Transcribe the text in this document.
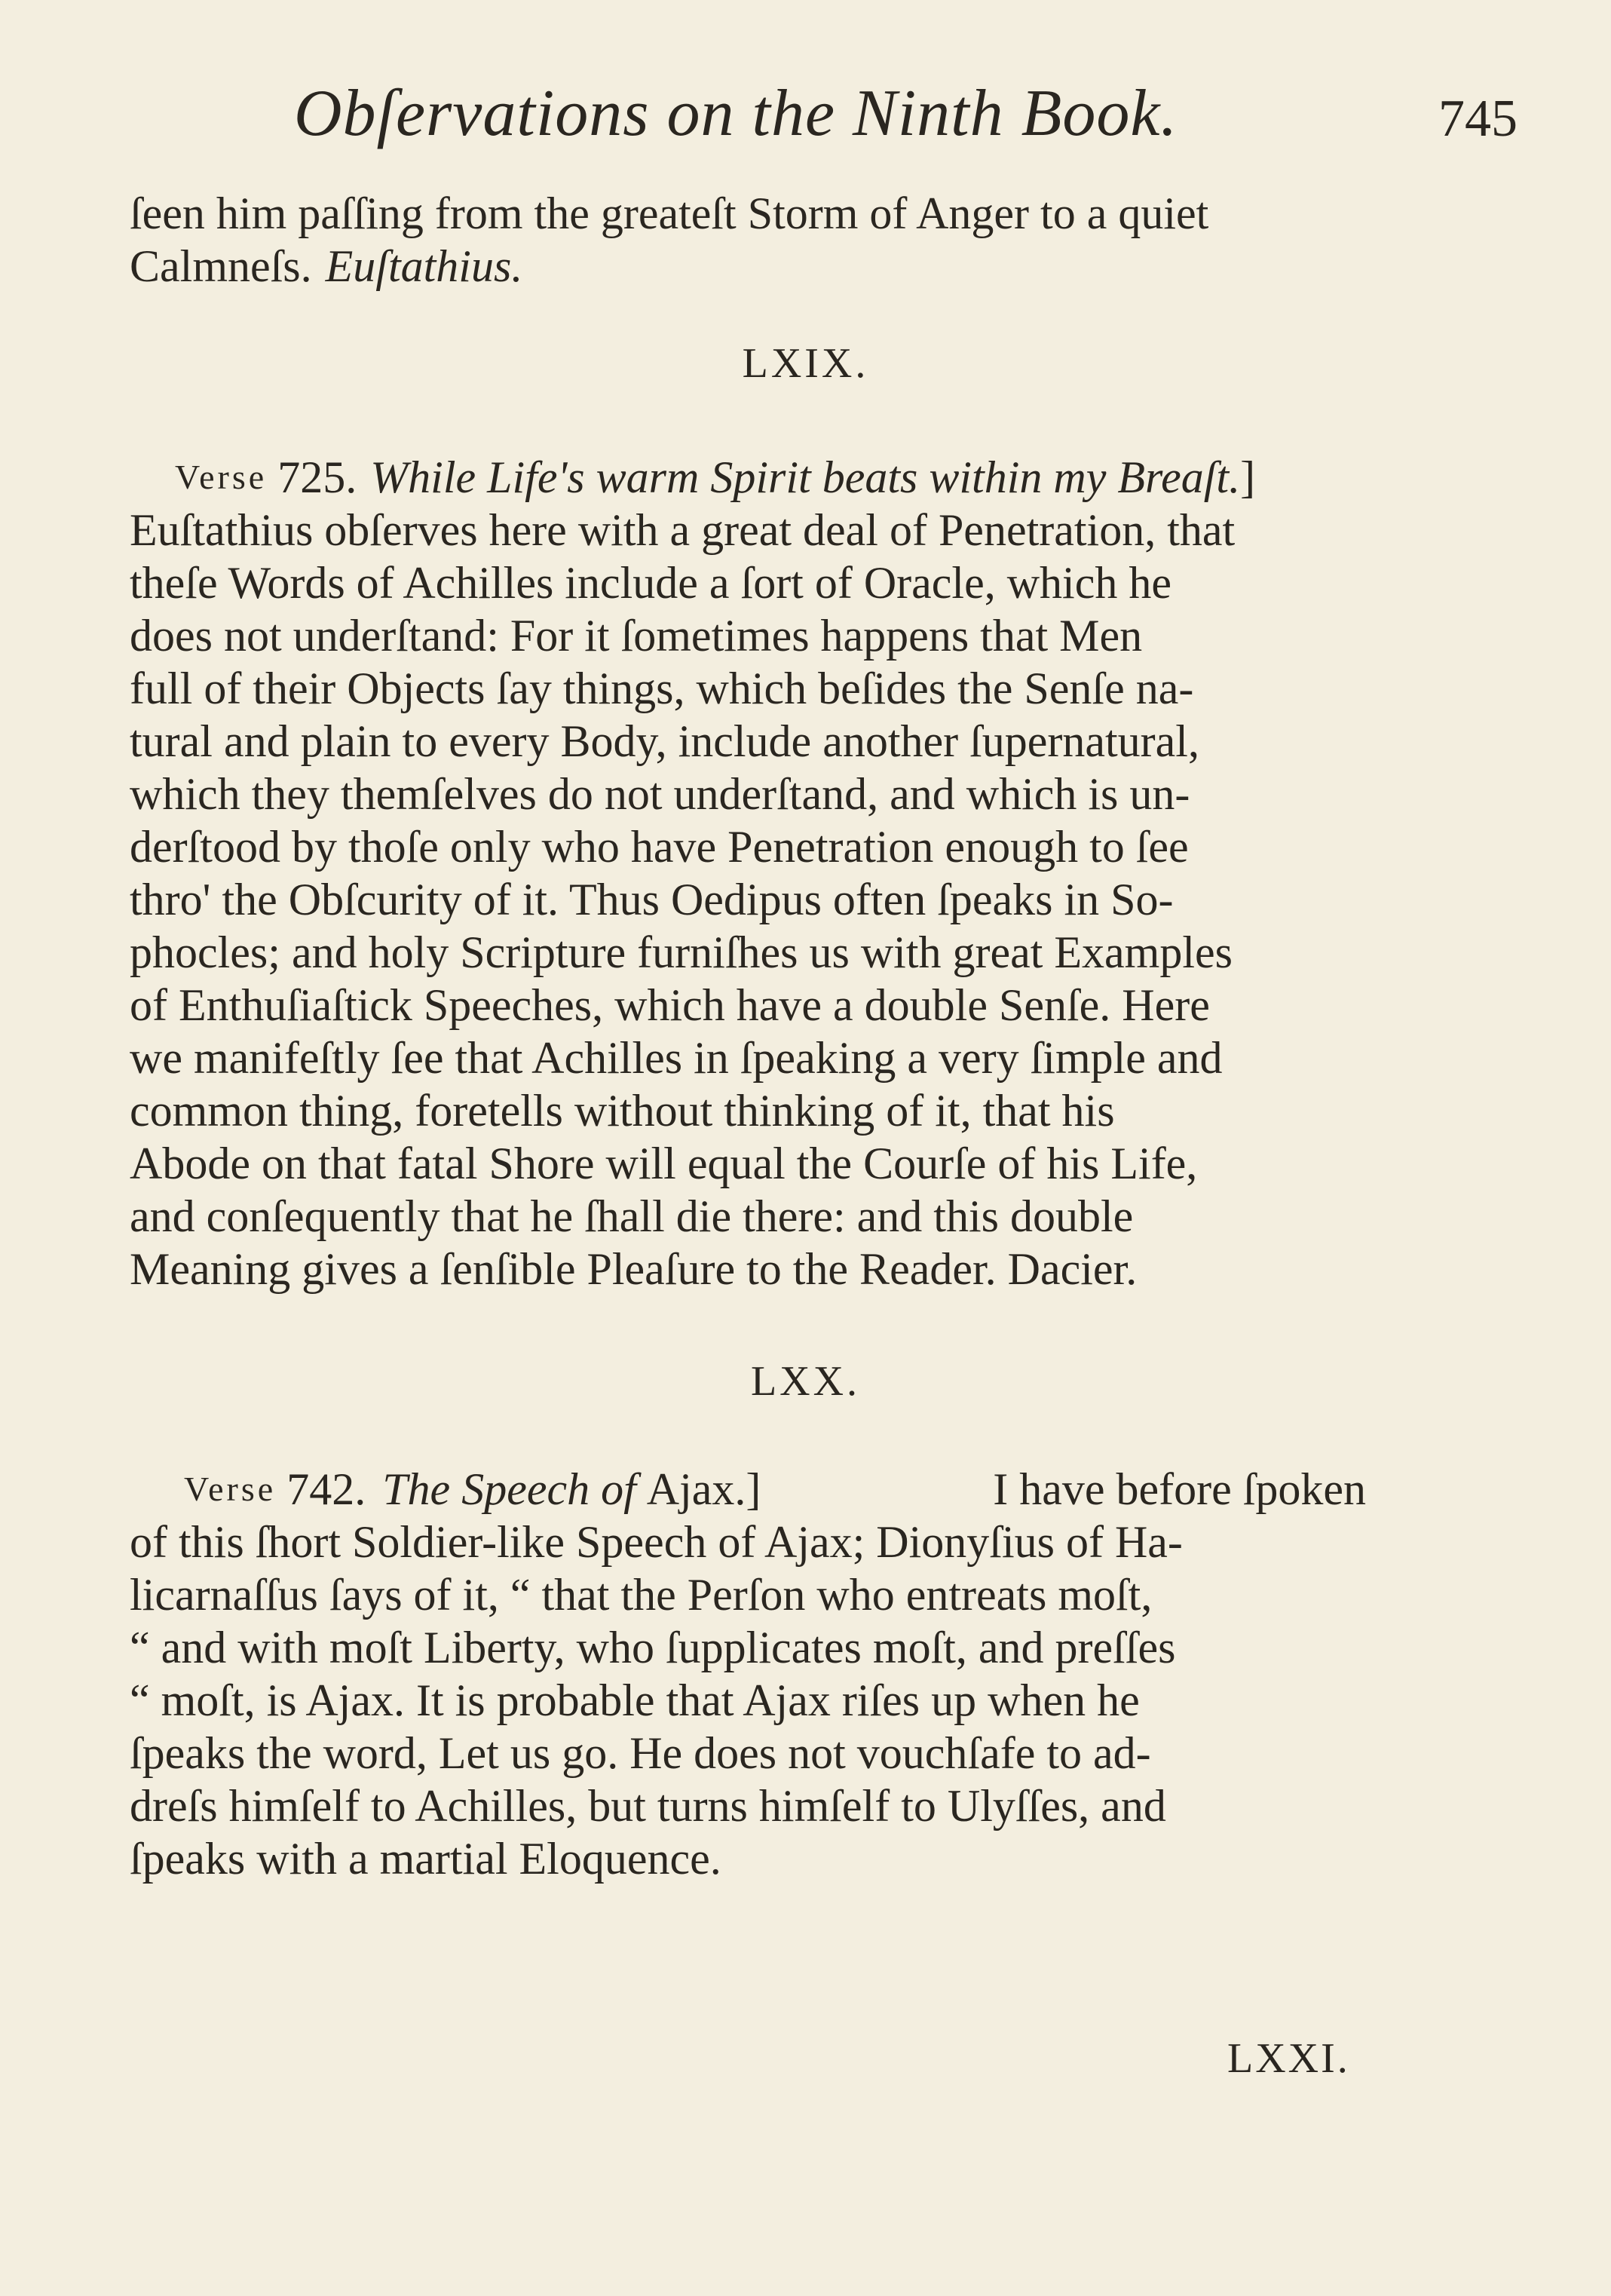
Obſervations on the Ninth Book.	745
ſeen him paſſing from the greateſt Storm of Anger to a quiet
Calmneſs. Euſtathius.
LXIX.
Verse 725. While Life's warm Spirit beats within my Breaſt. ]
Euſtathius obſerves here with a great deal of Penetration, that
theſe Words of Achilles include a ſort of Oracle, which he
does not underſtand: For it ſometimes happens that Men
full of their Objects ſay things, which beſides the Senſe na-
tural and plain to every Body, include another ſupernatural,
which they themſelves do not underſtand, and which is un-
derſtood by thoſe only who have Penetration enough to ſee
thro' the Obſcurity of it. Thus Oedipus often ſpeaks in So-
phocles; and holy Scripture furniſhes us with great Examples
of Enthuſiaſtick Speeches, which have a double Senſe. Here
we manifeſtly ſee that Achilles in ſpeaking a very ſimple and
common thing, foretells without thinking of it, that his
Abode on that fatal Shore will equal the Courſe of his Life,
and conſequently that he ſhall die there: and this double
Meaning gives a ſenſible Pleaſure to the Reader. Dacier.
LXX.
Verse 742. The Speech of Ajax. ]	I have before ſpoken
of this ſhort Soldier-like Speech of Ajax; Dionyſius of Ha-
licarnaſſus ſays of it, “ that the Perſon who entreats moſt,
“ and with moſt Liberty, who ſupplicates moſt, and preſſes
“ moſt, is Ajax. It is probable that Ajax riſes up when he
ſpeaks the word, Let us go. He does not vouchſafe to ad-
dreſs himſelf to Achilles, but turns himſelf to Ulyſſes, and
ſpeaks with a martial Eloquence.
LXXI.
